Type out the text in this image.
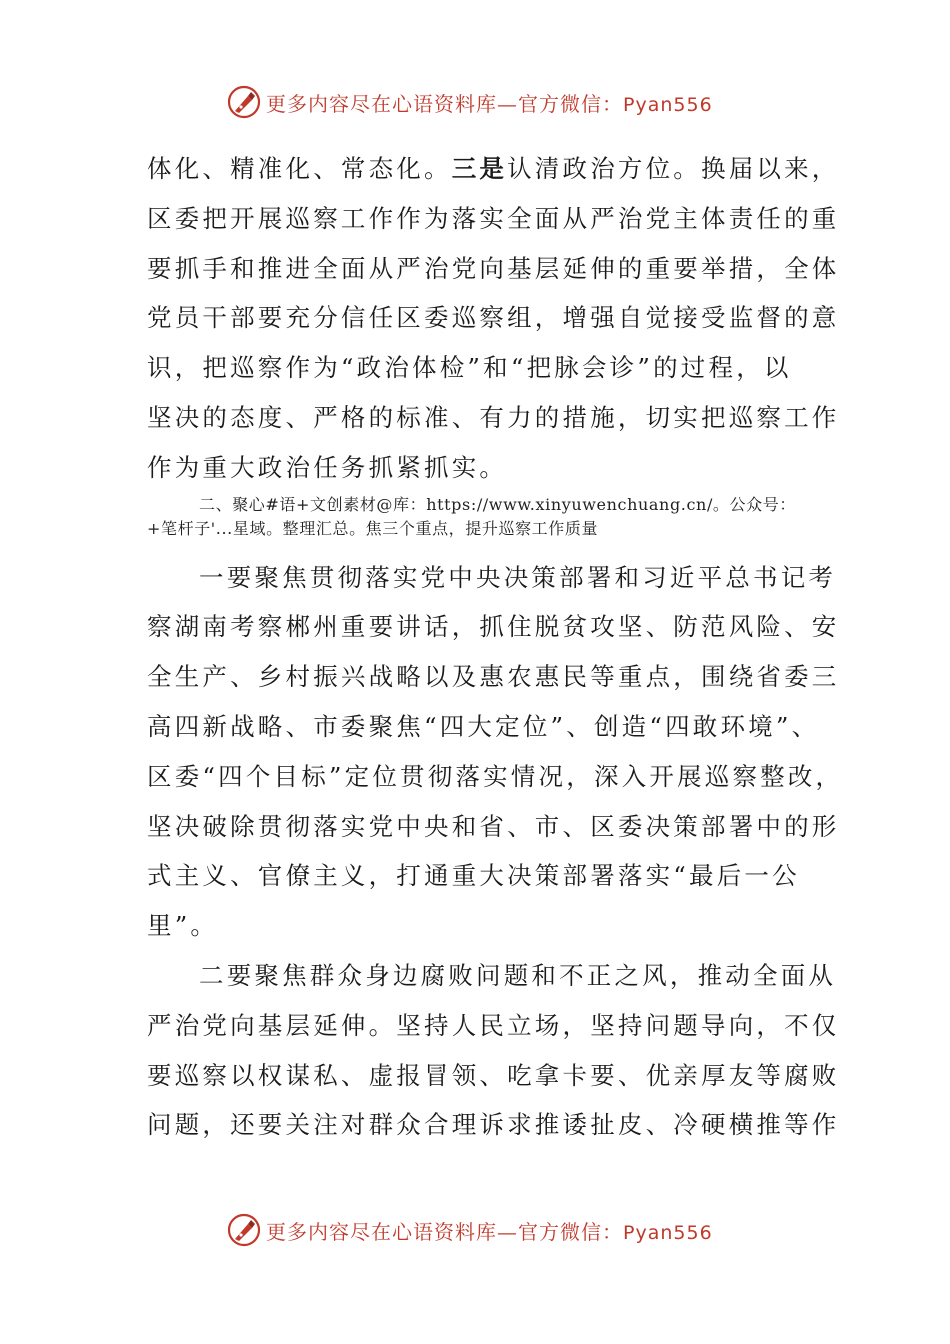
更多内容尽在心语资料库—官方微信：Pyan556
体化、精准化、常态化。三是认清政治方位。换届以来，
区委把开展巡察工作作为落实全面从严治党主体责任的重
要抓手和推进全面从严治党向基层延伸的重要举措，全体
党员干部要充分信任区委巡察组，增强自觉接受监督的意
识，把巡察作为“政治体检”和“把脉会诊”的过程，以
坚决的态度、严格的标准、有力的措施，切实把巡察工作
作为重大政治任务抓紧抓实。
二、聚心#语+文创素材@库：https://www.xinyuwenchuang.cn/。公众号：
+笔杆子'...星域。整理汇总。焦三个重点，提升巡察工作质量
一要聚焦贯彻落实党中央决策部署和习近平总书记考
察湖南考察郴州重要讲话，抓住脱贫攻坚、防范风险、安
全生产、乡村振兴战略以及惠农惠民等重点，围绕省委三
高四新战略、市委聚焦“四大定位”、创造“四敢环境”、
区委“四个目标”定位贯彻落实情况，深入开展巡察整改，
坚决破除贯彻落实党中央和省、市、区委决策部署中的形
式主义、官僚主义，打通重大决策部署落实“最后一公
里”。
二要聚焦群众身边腐败问题和不正之风，推动全面从
严治党向基层延伸。坚持人民立场，坚持问题导向，不仅
要巡察以权谋私、虚报冒领、吃拿卡要、优亲厚友等腐败
问题，还要关注对群众合理诉求推诿扯皮、冷硬横推等作
更多内容尽在心语资料库—官方微信：Pyan556
